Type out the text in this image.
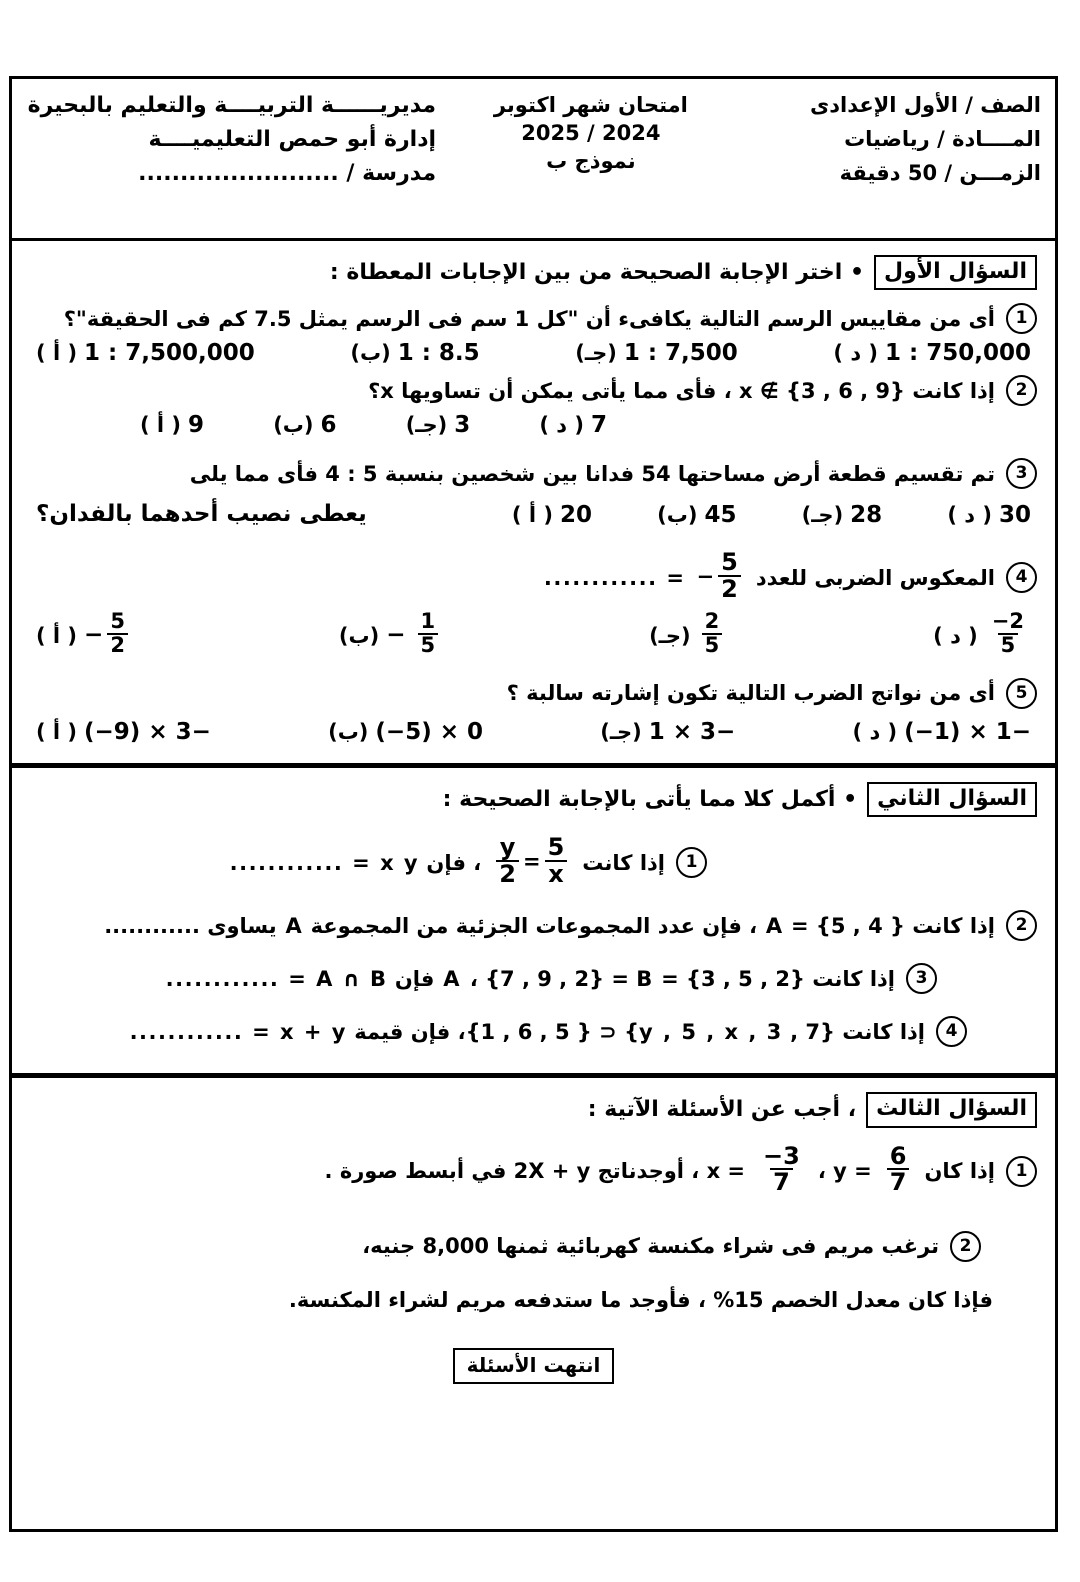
الصف / الأول الإعدادى
المــــادة / رياضيات
الزمـــن / 50 دقيقة
امتحان شهر اكتوبر
2025 / 2024
نموذج ب
مديريــــــة التربيــــة والتعليم بالبحيرة
إدارة أبو حمص التعليميــــة
مدرسة / ........................
السؤال الأول
• اختر الإجابة الصحيحة من بين الإجابات المعطاة :
1
أى من مقاييس الرسم التالية يكافىء أن "كل 1 سم فى الرسم يمثل 7.5 كم فى الحقيقة"؟
1 : 750,000
( د )
1 : 7,500
(جـ)
1 : 8.5
(ب)
1 : 7,500,000
( أ )
2
إذا كانت x ∉ {3 , 6 , 9} ، فأى مما يأتى يمكن أن تساويها x؟
7
( د )
3
(جـ)
6
(ب)
9
( أ )
3
تم تقسيم قطعة أرض مساحتها 54 فدانا بين شخصين بنسبة 5 : 4 فأى مما يلى
30
( د )
28
(جـ)
45
(ب)
20
( أ )
يعطى نصيب أحدهما بالفدان؟
4
المعكوس الضربى للعدد
− $\frac{5}{2}$
= ............
$\frac{-2}{5}$
( د )
$\frac{2}{5}$
(جـ)
− $\frac{1}{5}$
(ب)
− $\frac{5}{2}$
( أ )
5
أى من نواتج الضرب التالية تكون إشارته سالبة ؟
(−1) × 1−
( د )
1 × 3−
(جـ)
(−5) × 0
(ب)
(−9) × 3−
( أ )
السؤال الثاني
• أكمل كلا مما يأتى بالإجابة الصحيحة :
1
إذا كانت
$\frac{y}{2} = \frac{5}{x}$
، فإن x y = ............
2
إذا كانت { 4 , 5} = A ، فإن عدد المجموعات الجزئية من المجموعة A يساوى ............
3
إذا كانت {2 , 5 , 3} = A ، {7 , 9 , 2} = B فإن A ∩ B = ............
4
إذا كانت {7 , y , 5 , x , 3} ⊂ { 1 , 6 , 5}، فإن قيمة x + y = ............
السؤال الثالث
، أجب عن الأسئلة الآتية :
1
إذا كان
$\frac{6}{7}$
= y ،
$\frac{-3}{7}$
= x ، أوجدناتج 2X + y في أبسط صورة .
2
ترغب مريم فى شراء مكنسة كهربائية ثمنها 8,000 جنيه،
فإذا كان معدل الخصم 15% ، فأوجد ما ستدفعه مريم لشراء المكنسة.
انتهت الأسئلة
